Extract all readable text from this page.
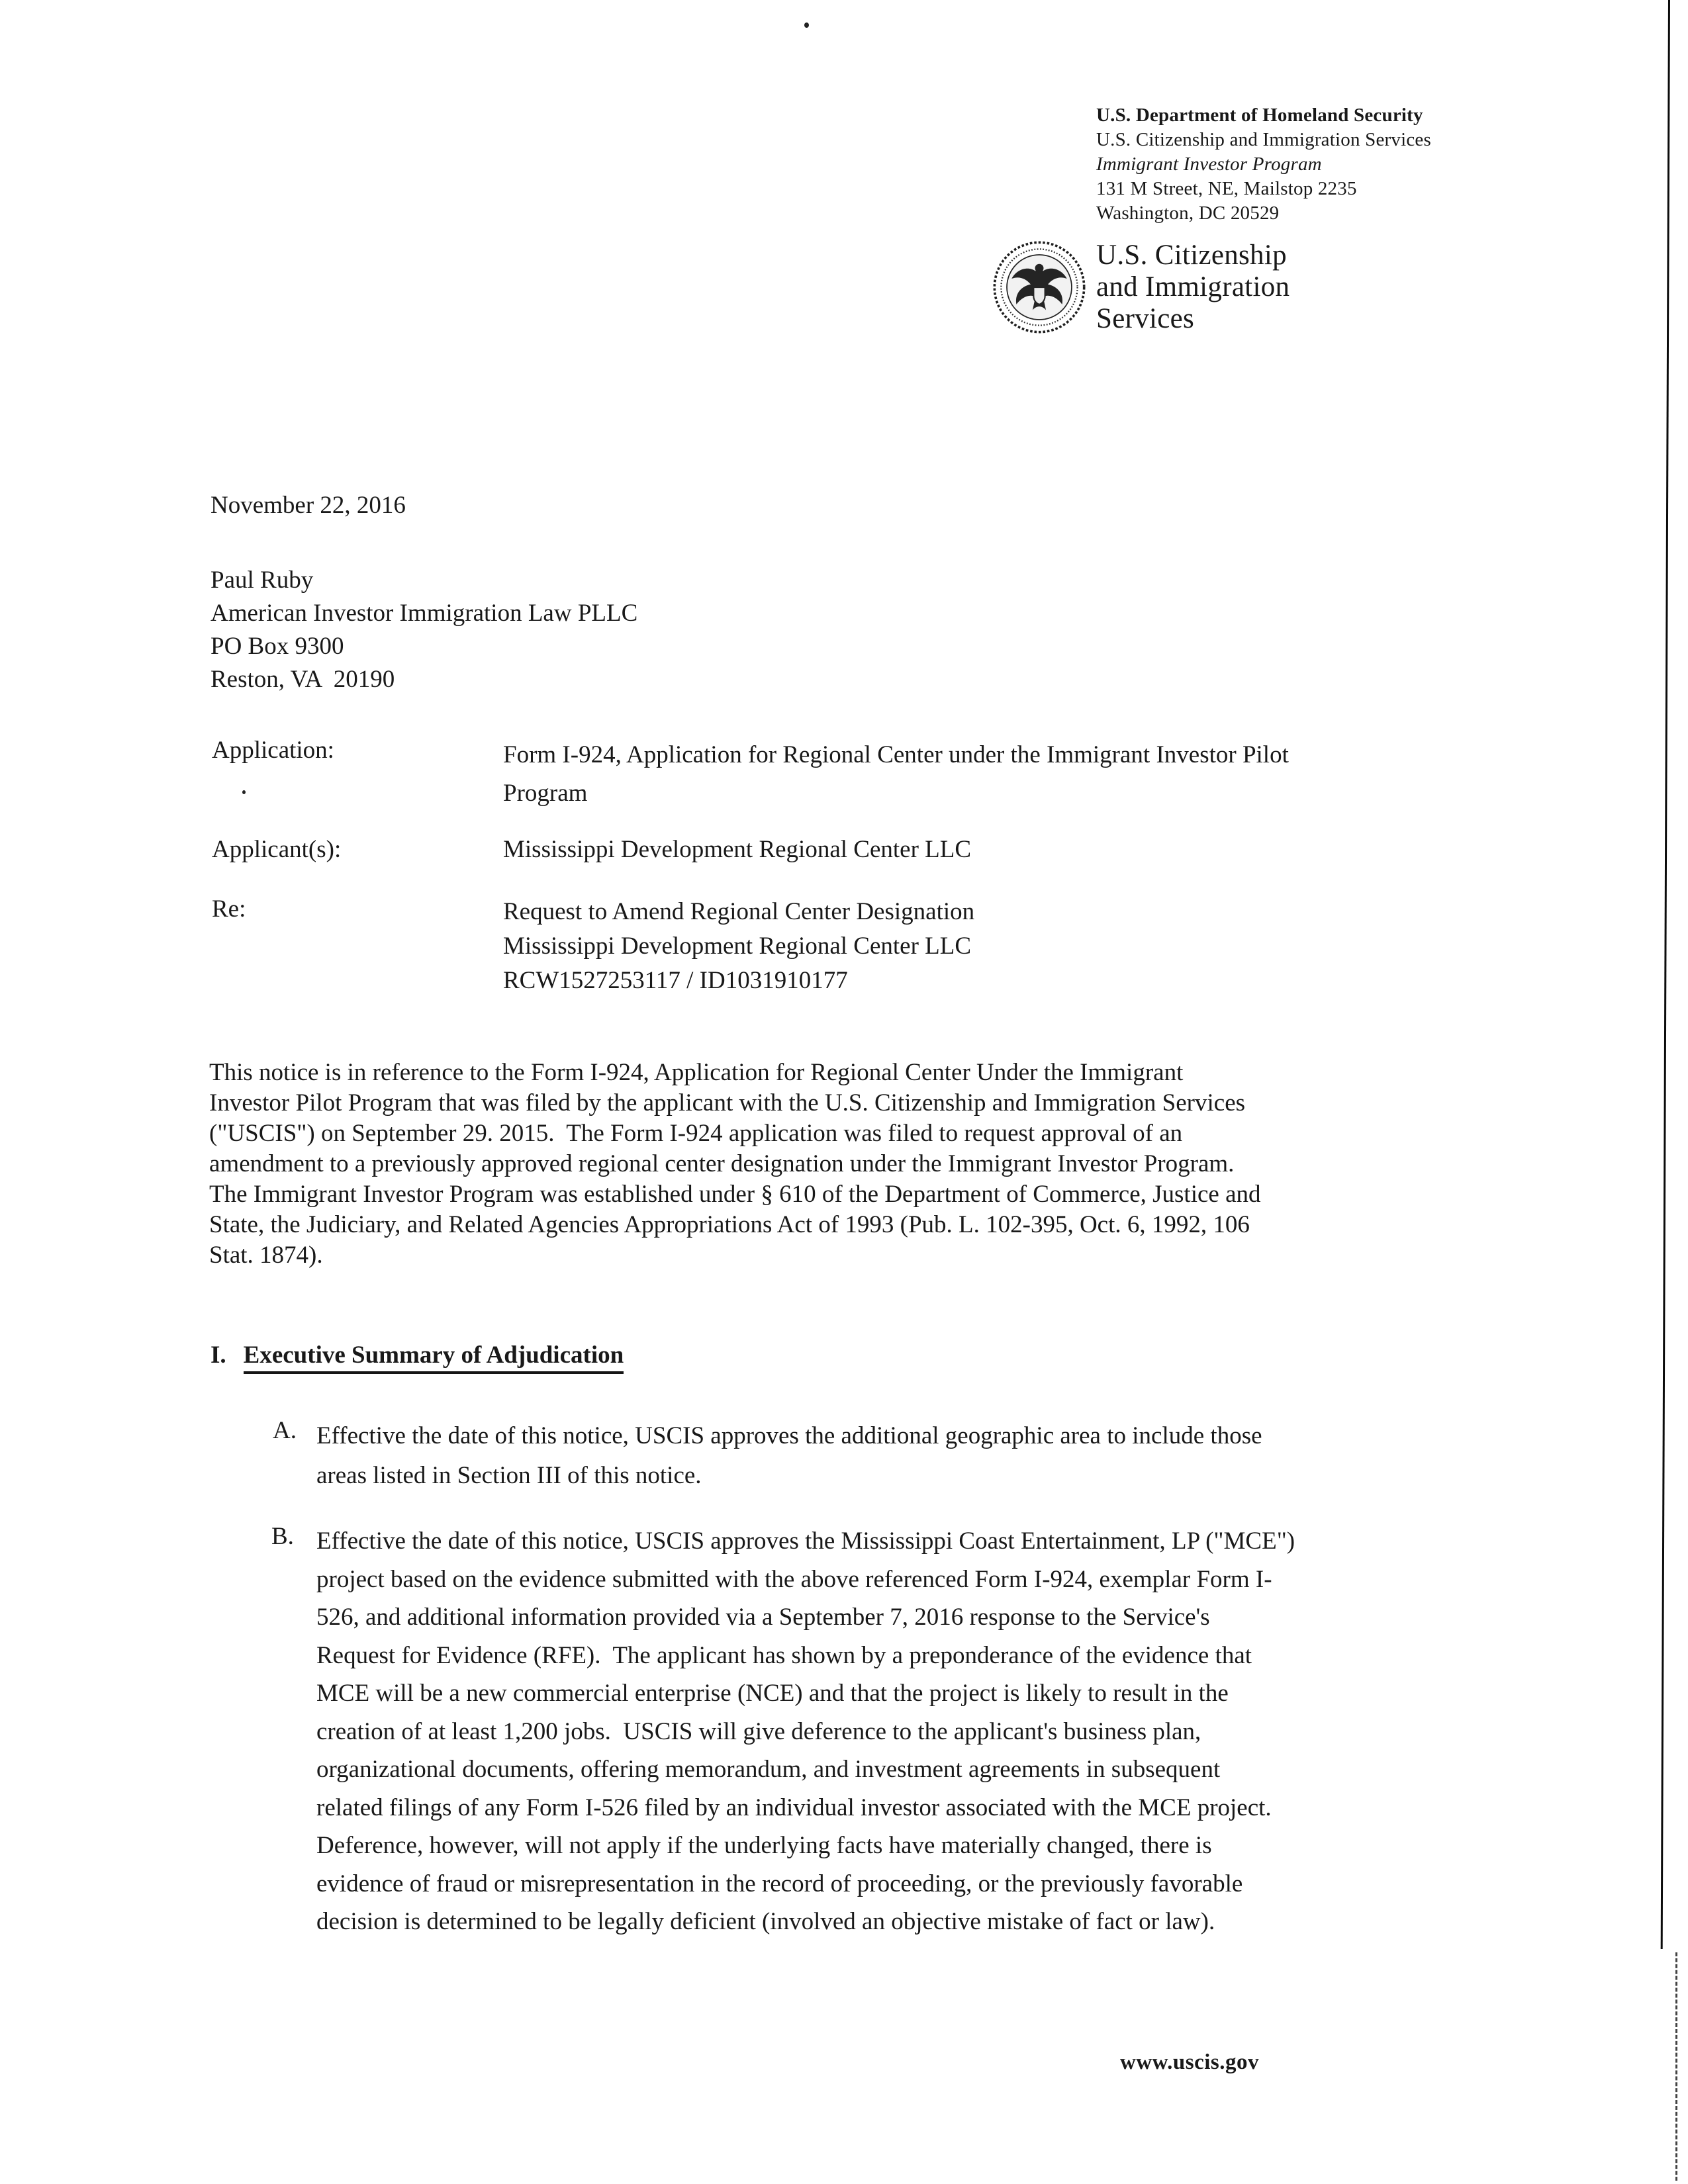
U.S. Department of Homeland Security
U.S. Citizenship and Immigration Services
Immigrant Investor Program
131 M Street, NE, Mailstop 2235
Washington, DC 20529
U.S. Citizenship
and Immigration
Services
November 22, 2016
Paul Ruby
American Investor Immigration Law PLLC
PO Box 9300
Reston, VA  20190
Application:	Form I-924, Application for Regional Center under the Immigrant Investor Pilot
Program
Applicant(s):	Mississippi Development Regional Center LLC
Re:	Request to Amend Regional Center Designation
Mississippi Development Regional Center LLC
RCW1527253117 / ID1031910177
This notice is in reference to the Form I-924, Application for Regional Center Under the Immigrant
Investor Pilot Program that was filed by the applicant with the U.S. Citizenship and Immigration Services
("USCIS") on September 29. 2015.  The Form I-924 application was filed to request approval of an
amendment to a previously approved regional center designation under the Immigrant Investor Program.
The Immigrant Investor Program was established under § 610 of the Department of Commerce, Justice and
State, the Judiciary, and Related Agencies Appropriations Act of 1993 (Pub. L. 102-395, Oct. 6, 1992, 106
Stat. 1874).
I. Executive Summary of Adjudication
A. Effective the date of this notice, USCIS approves the additional geographic area to include those
areas listed in Section III of this notice.
B. Effective the date of this notice, USCIS approves the Mississippi Coast Entertainment, LP ("MCE")
project based on the evidence submitted with the above referenced Form I-924, exemplar Form I-
526, and additional information provided via a September 7, 2016 response to the Service's
Request for Evidence (RFE).  The applicant has shown by a preponderance of the evidence that
MCE will be a new commercial enterprise (NCE) and that the project is likely to result in the
creation of at least 1,200 jobs.  USCIS will give deference to the applicant's business plan,
organizational documents, offering memorandum, and investment agreements in subsequent
related filings of any Form I-526 filed by an individual investor associated with the MCE project.
Deference, however, will not apply if the underlying facts have materially changed, there is
evidence of fraud or misrepresentation in the record of proceeding, or the previously favorable
decision is determined to be legally deficient (involved an objective mistake of fact or law).
www.uscis.gov
